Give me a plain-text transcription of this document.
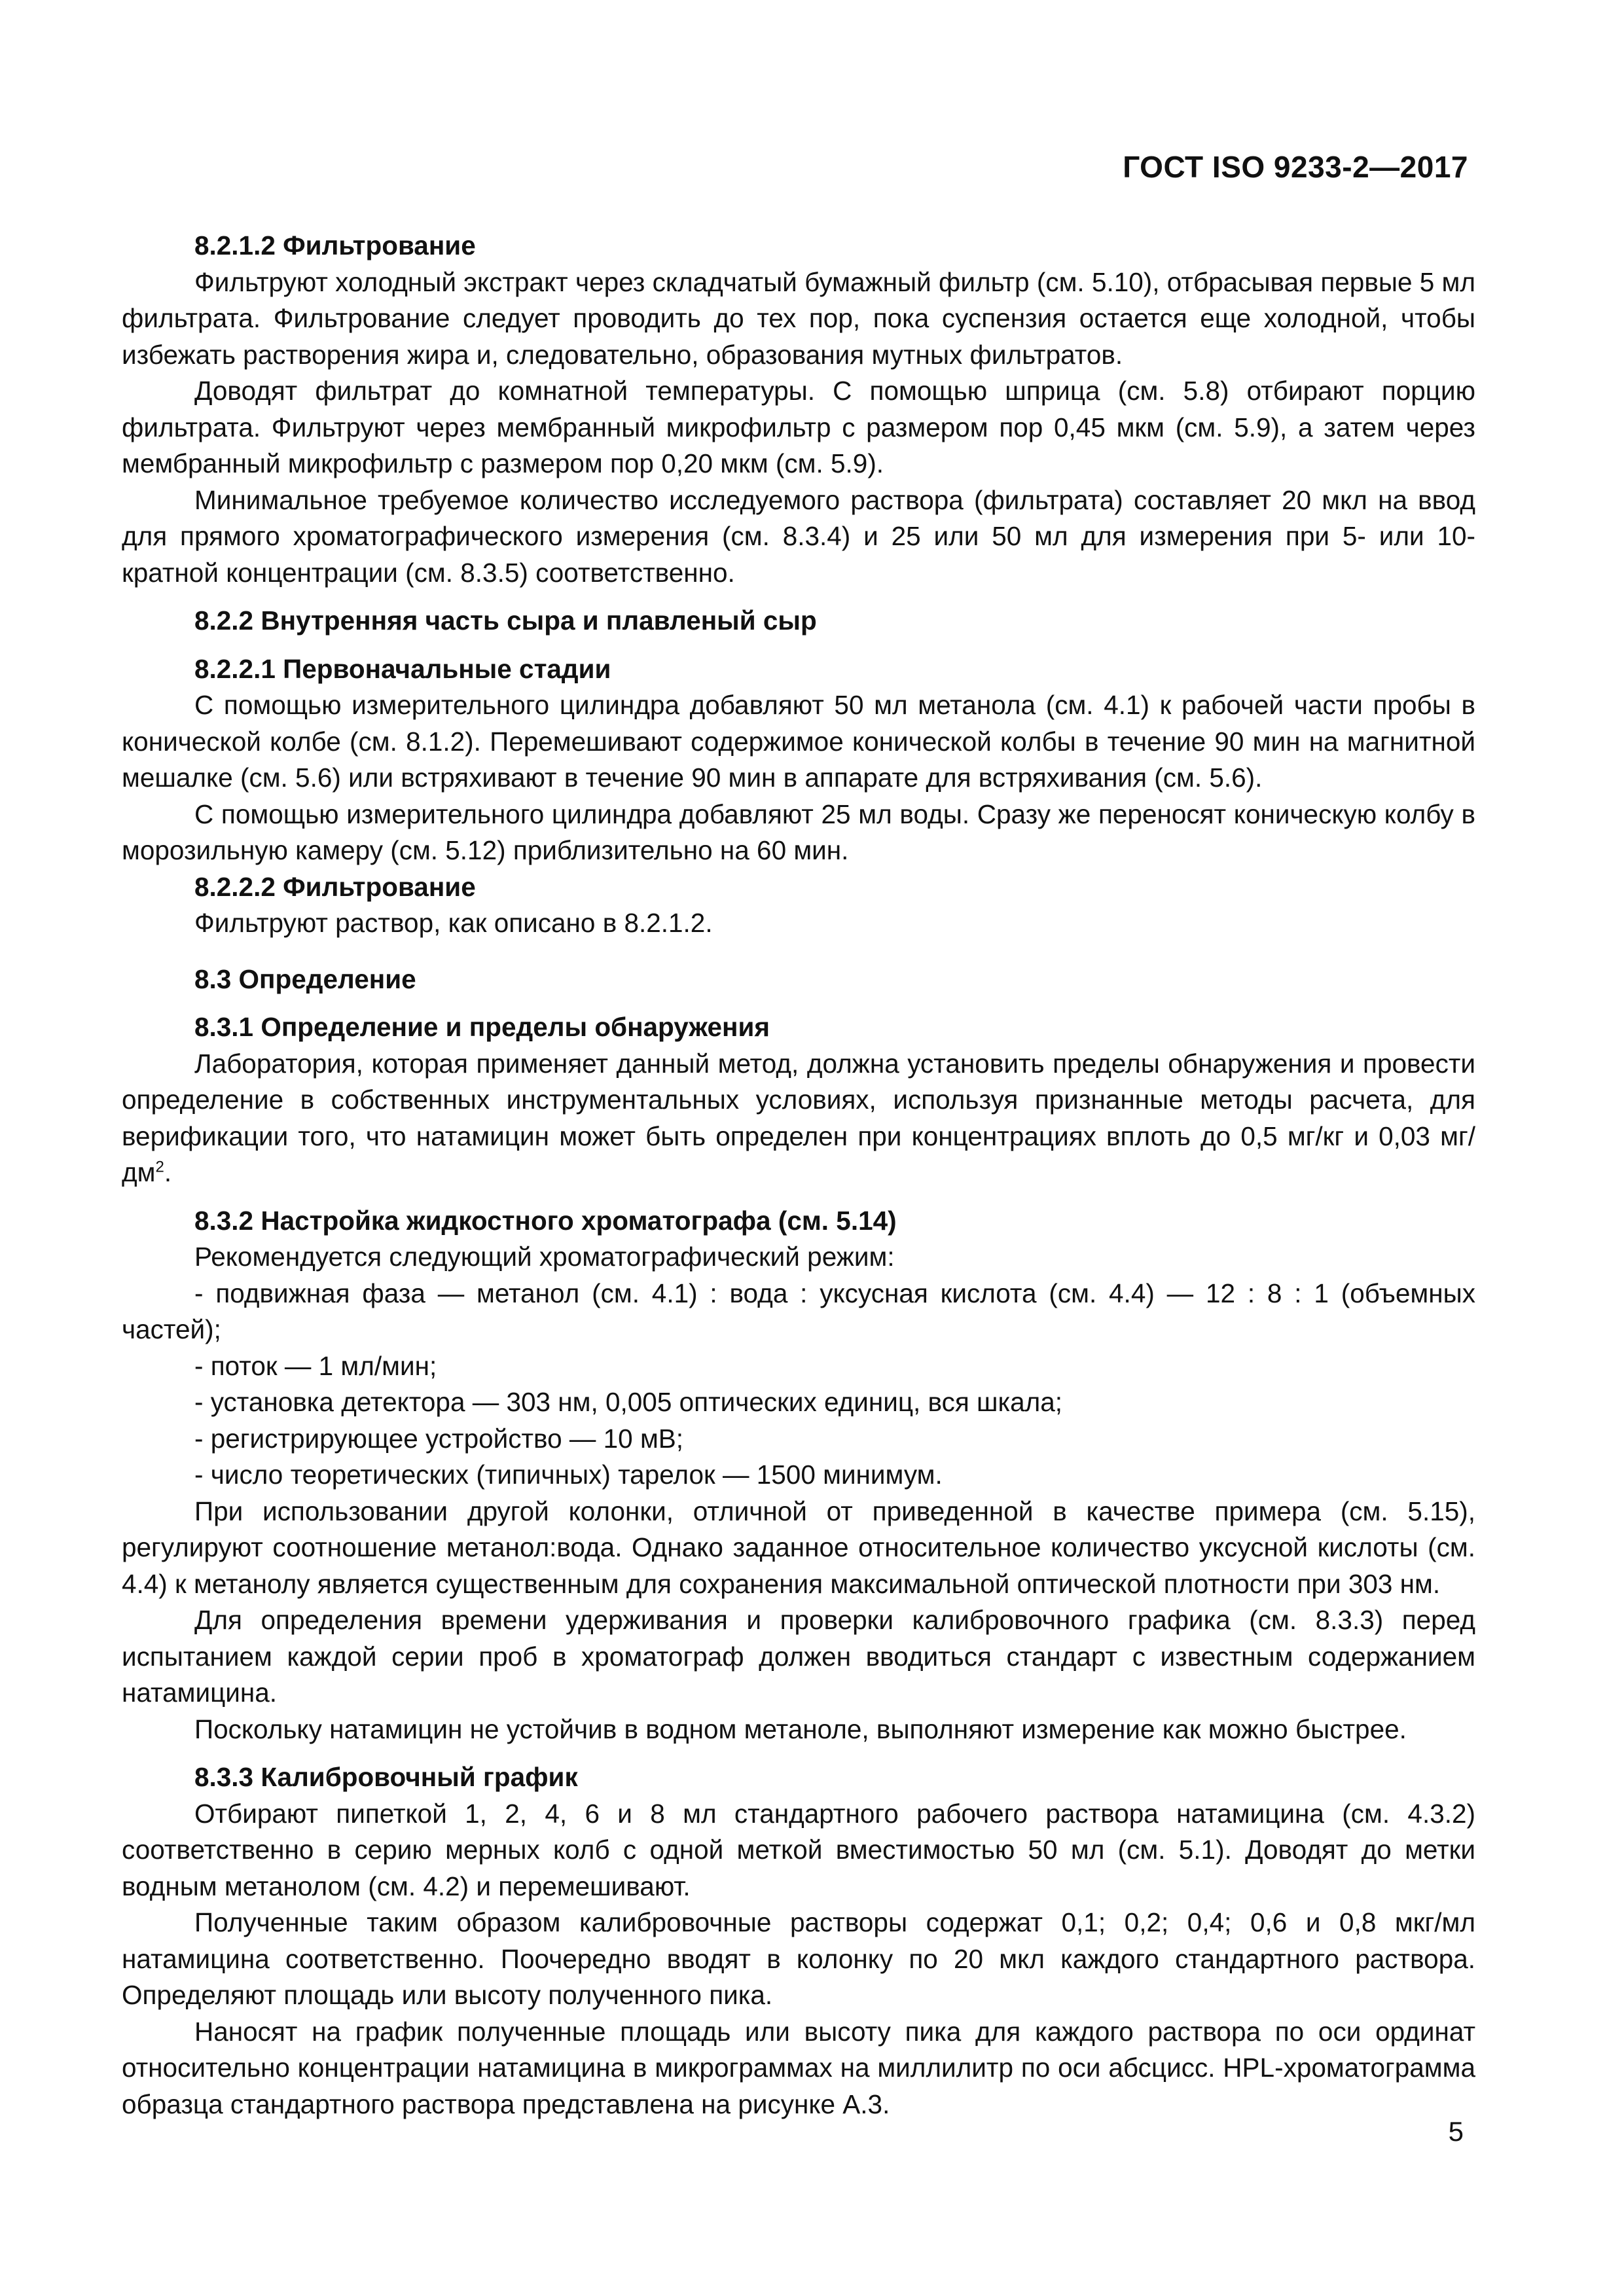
ГОСТ ISO 9233-2—2017

8.2.1.2 Фильтрование

Фильтруют холодный экстракт через складчатый бумажный фильтр (см. 5.10), отбрасывая первые 5 мл фильтрата. Фильтрование следует проводить до тех пор, пока суспензия остается еще холодной, чтобы избежать растворения жира и, следовательно, образования мутных фильтратов.

Доводят фильтрат до комнатной температуры. С помощью шприца (см. 5.8) отбирают порцию фильтрата. Фильтруют через мембранный микрофильтр с размером пор 0,45 мкм (см. 5.9), а затем через мембранный микрофильтр с размером пор 0,20 мкм (см. 5.9).

Минимальное требуемое количество исследуемого раствора (фильтрата) составляет 20 мкл на ввод для прямого хроматографического измерения (см. 8.3.4) и 25 или 50 мл для измерения при 5- или 10-кратной концентрации (см. 8.3.5) соответственно.

8.2.2 Внутренняя часть сыра и плавленый сыр

8.2.2.1 Первоначальные стадии

С помощью измерительного цилиндра добавляют 50 мл метанола (см. 4.1) к рабочей части пробы в конической колбе (см. 8.1.2). Перемешивают содержимое конической колбы в течение 90 мин на магнитной мешалке (см. 5.6) или встряхивают в течение 90 мин в аппарате для встряхивания (см. 5.6).

С помощью измерительного цилиндра добавляют 25 мл воды. Сразу же переносят коническую колбу в морозильную камеру (см. 5.12) приблизительно на 60 мин.

8.2.2.2 Фильтрование

Фильтруют раствор, как описано в 8.2.1.2.

8.3 Определение

8.3.1 Определение и пределы обнаружения

Лаборатория, которая применяет данный метод, должна установить пределы обнаружения и провести определение в собственных инструментальных условиях, используя признанные методы расчета, для верификации того, что натамицин может быть определен при концентрациях вплоть до 0,5 мг/кг и 0,03 $мг/дм^2$.

8.3.2 Настройка жидкостного хроматографа (см. 5.14)

Рекомендуется следующий хроматографический режим:

- подвижная фаза — метанол (см. 4.1) : вода : уксусная кислота (см. 4.4) — 12 : 8 : 1 (объемных частей);

- поток — 1 мл/мин;

- установка детектора — 303 нм, 0,005 оптических единиц, вся шкала;

- регистрирующее устройство — 10 мВ;

- число теоретических (типичных) тарелок — 1500 минимум.

При использовании другой колонки, отличной от приведенной в качестве примера (см. 5.15), регулируют соотношение метанол:вода. Однако заданное относительное количество уксусной кислоты (см. 4.4) к метанолу является существенным для сохранения максимальной оптической плотности при 303 нм.

Для определения времени удерживания и проверки калибровочного графика (см. 8.3.3) перед испытанием каждой серии проб в хроматограф должен вводиться стандарт с известным содержанием натамицина.

Поскольку натамицин не устойчив в водном метаноле, выполняют измерение как можно быстрее.

8.3.3 Калибровочный график

Отбирают пипеткой 1, 2, 4, 6 и 8 мл стандартного рабочего раствора натамицина (см. 4.3.2) соответственно в серию мерных колб с одной меткой вместимостью 50 мл (см. 5.1). Доводят до метки водным метанолом (см. 4.2) и перемешивают.

Полученные таким образом калибровочные растворы содержат 0,1; 0,2; 0,4; 0,6 и 0,8 мкг/мл натамицина соответственно. Поочередно вводят в колонку по 20 мкл каждого стандартного раствора. Определяют площадь или высоту полученного пика.

Наносят на график полученные площадь или высоту пика для каждого раствора по оси ординат относительно концентрации натамицина в микрограммах на миллилитр по оси абсцисс. HPL-хроматограмма образца стандартного раствора представлена на рисунке А.3.

5
